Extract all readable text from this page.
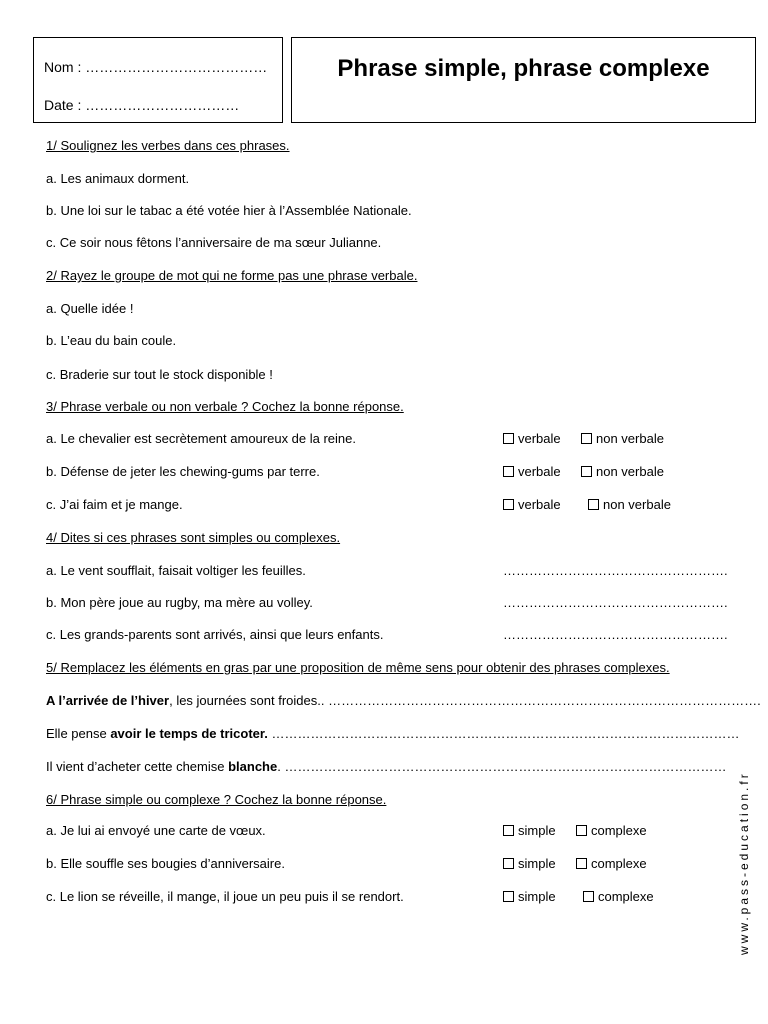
Nom : …………………………………
Date : ……………………………
Phrase simple, phrase complexe
1/ Soulignez les verbes dans ces phrases.
a. Les animaux dorment.
b. Une loi sur le tabac a été votée hier à l’Assemblée Nationale.
c. Ce soir nous fêtons l’anniversaire de ma sœur Julianne.
2/ Rayez le groupe de mot qui ne forme pas une phrase verbale.
a. Quelle idée !
b. L’eau du bain coule.
c. Braderie sur tout le stock disponible !
3/ Phrase verbale ou non verbale ? Cochez la bonne réponse.
a. Le chevalier est secrètement amoureux de la reine.	verbale	non verbale
b. Défense de jeter les chewing-gums par terre.	verbale	non verbale
c. J’ai faim et je mange.	verbale	non verbale
4/ Dites si ces phrases sont simples ou complexes.
a. Le vent soufflait, faisait voltiger les feuilles.	…………………………………………….
b. Mon père joue au rugby, ma mère au volley.	…………………………………………….
c. Les grands-parents sont arrivés, ainsi que leurs enfants.	…………………………………………….
5/ Remplacez les éléments en gras par une proposition de même sens pour obtenir des phrases complexes.
A l’arrivée de l’hiver, les journées sont froides.. ……………………………………………………………………………………….
Elle pense avoir le temps de tricoter. ………………………………………………………………………………………………
Il vient d’acheter cette chemise blanche. …………………………………………………………………………………………
6/ Phrase simple ou complexe ? Cochez la bonne réponse.
a. Je lui ai envoyé une carte de vœux.	simple	complexe
b. Elle souffle ses bougies d’anniversaire.	simple	complexe
c. Le lion se réveille, il mange, il joue un peu puis il se rendort.	simple	complexe	www.pass-education.fr
